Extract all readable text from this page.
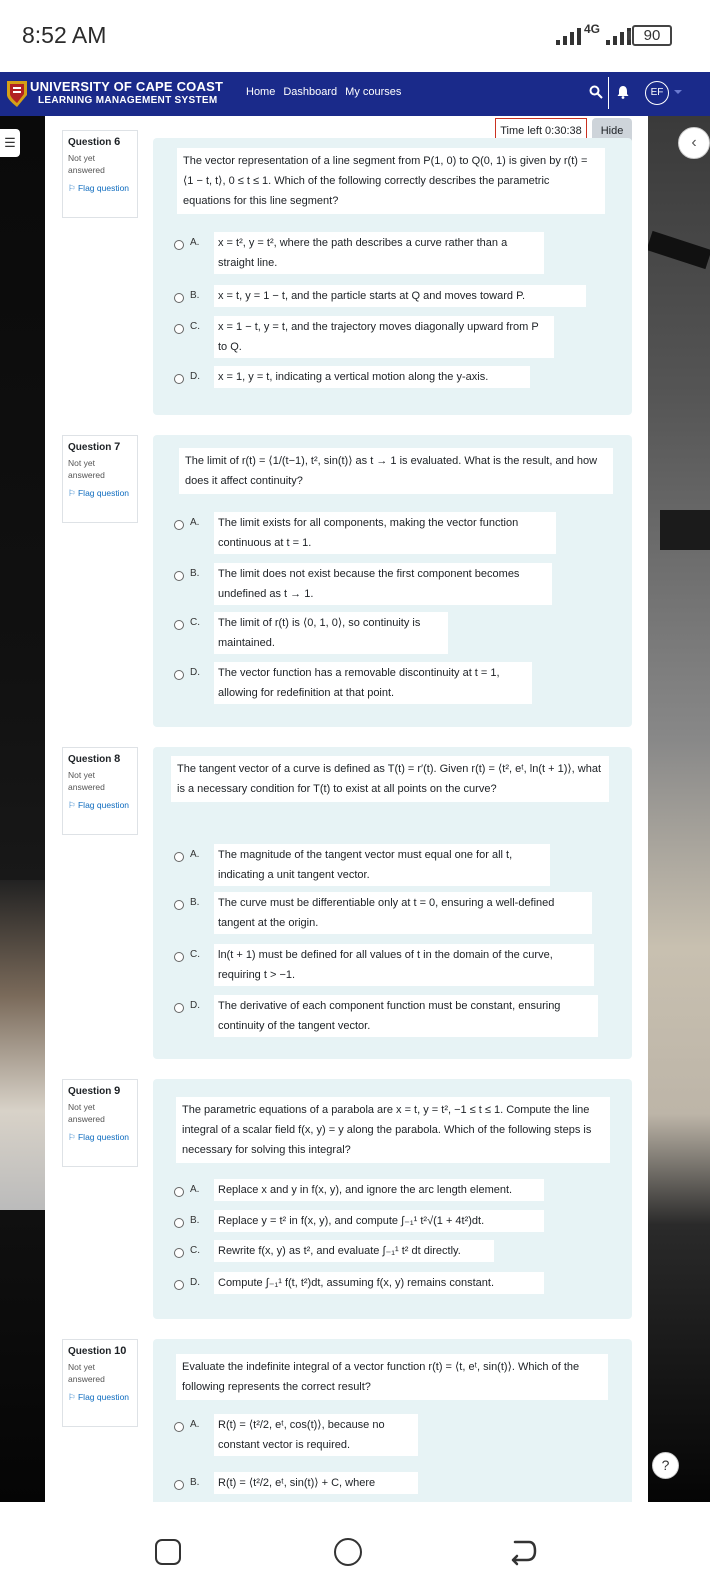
8:52 AM	4G	90
UNIVERSITY OF CAPE COAST
LEARNING MANAGEMENT SYSTEM
Home Dashboard My courses	EF
☰	‹
Time left 0:30:38	Hide
Question 6
Not yet answered
⚐ Flag question
The vector representation of a line segment from P(1, 0) to Q(0, 1) is given by r(t) = ⟨1 − t, t⟩, 0 ≤ t ≤ 1. Which of the following correctly describes the parametric equations for this line segment?
A.	x = t², y = t², where the path describes a curve rather than a straight line.
B.	x = t, y = 1 − t, and the particle starts at Q and moves toward P.
C.	x = 1 − t, y = t, and the trajectory moves diagonally upward from P to Q.
D.	x = 1, y = t, indicating a vertical motion along the y-axis.
Question 7
Not yet answered
⚐ Flag question
The limit of r(t) = ⟨1/(t−1), t², sin(t)⟩ as t → 1 is evaluated. What is the result, and how does it affect continuity?
A.	The limit exists for all components, making the vector function continuous at t = 1.
B.	The limit does not exist because the first component becomes undefined as t → 1.
C.	The limit of r(t) is ⟨0, 1, 0⟩, so continuity is maintained.
D.	The vector function has a removable discontinuity at t = 1, allowing for redefinition at that point.
Question 8
Not yet answered
⚐ Flag question
The tangent vector of a curve is defined as T(t) = r′(t). Given r(t) = ⟨t², eᵗ, ln(t + 1)⟩, what is a necessary condition for T(t) to exist at all points on the curve?
A.	The magnitude of the tangent vector must equal one for all t, indicating a unit tangent vector.
B.	The curve must be differentiable only at t = 0, ensuring a well-defined tangent at the origin.
C.	ln(t + 1) must be defined for all values of t in the domain of the curve, requiring t > −1.
D.	The derivative of each component function must be constant, ensuring continuity of the tangent vector.
Question 9
Not yet answered
⚐ Flag question
The parametric equations of a parabola are x = t, y = t², −1 ≤ t ≤ 1. Compute the line integral of a scalar field f(x, y) = y along the parabola. Which of the following steps is necessary for solving this integral?
A.	Replace x and y in f(x, y), and ignore the arc length element.
B.	Replace y = t² in f(x, y), and compute ∫₋₁¹ t²√(1 + 4t²)dt.
C.	Rewrite f(x, y) as t², and evaluate ∫₋₁¹ t² dt directly.
D.	Compute ∫₋₁¹ f(t, t²)dt, assuming f(x, y) remains constant.
Question 10
Not yet answered
⚐ Flag question
Evaluate the indefinite integral of a vector function r(t) = ⟨t, eᵗ, sin(t)⟩. Which of the following represents the correct result?
A.	R(t) = ⟨t²/2, eᵗ, cos(t)⟩, because no constant vector is required.
B.	R(t) = ⟨t²/2, eᵗ, sin(t)⟩ + C, where
?
